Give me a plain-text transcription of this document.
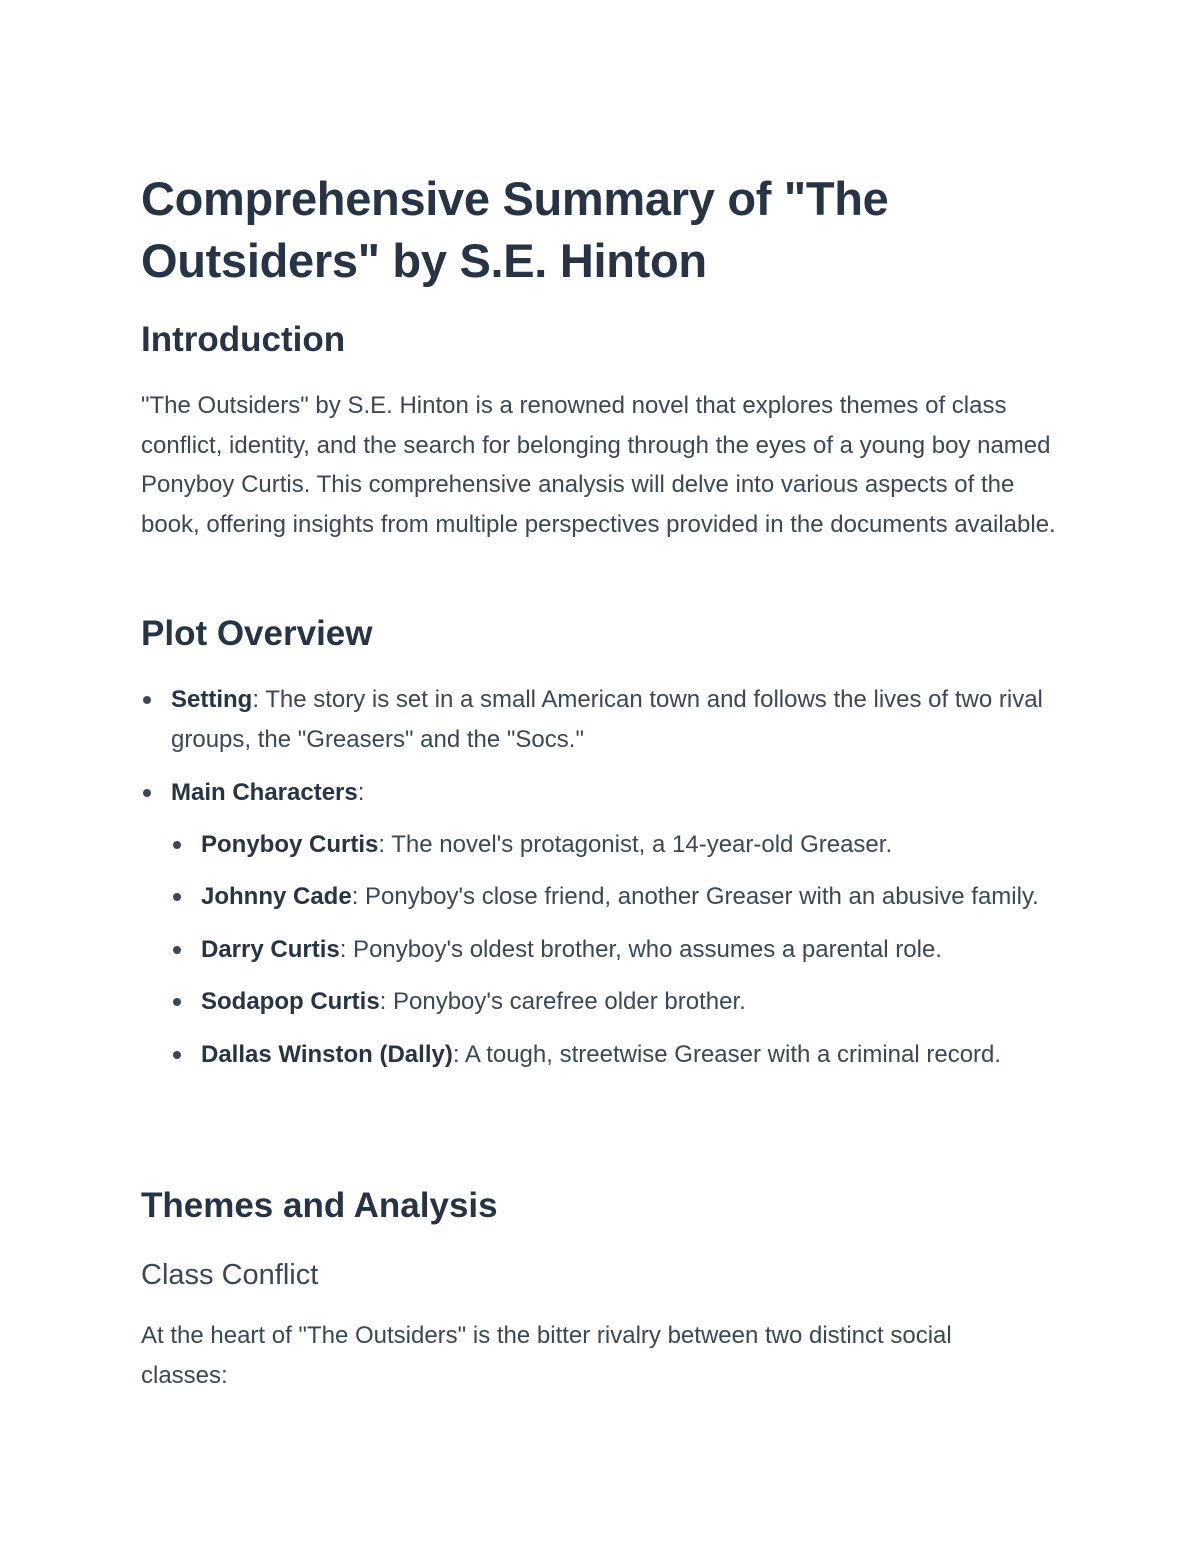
Comprehensive Summary of "The Outsiders" by S.E. Hinton
Introduction

"The Outsiders" by S.E. Hinton is a renowned novel that explores themes of class conflict, identity, and the search for belonging through the eyes of a young boy named Ponyboy Curtis. This comprehensive analysis will delve into various aspects of the book, offering insights from multiple perspectives provided in the documents available.

Plot Overview
Setting: The story is set in a small American town and follows the lives of two rival groups, the "Greasers" and the "Socs."
Main Characters:
Ponyboy Curtis: The novel's protagonist, a 14-year-old Greaser.
Johnny Cade: Ponyboy's close friend, another Greaser with an abusive family.
Darry Curtis: Ponyboy's oldest brother, who assumes a parental role.
Sodapop Curtis: Ponyboy's carefree older brother.
Dallas Winston (Dally): A tough, streetwise Greaser with a criminal record.
Themes and Analysis
Class Conflict

At the heart of "The Outsiders" is the bitter rivalry between two distinct social classes:
